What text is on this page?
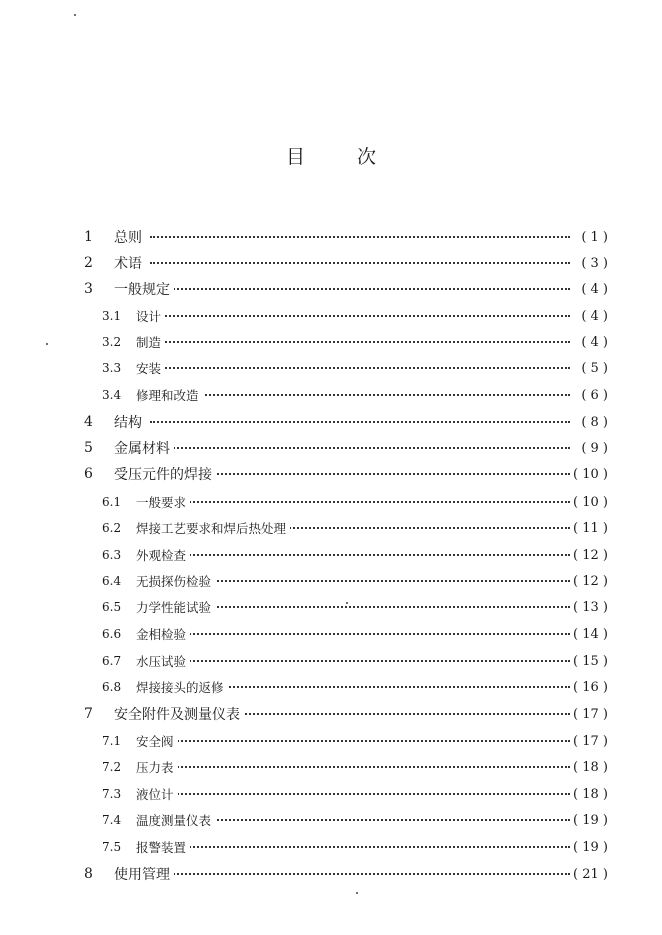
目	次
1 总则	( 1 )
2 术语	( 3 )
3 一般规定	( 4 )
3.1 设计	( 4 )
3.2 制造	( 4 )
3.3 安装	( 5 )
3.4 修理和改造	( 6 )
4 结构	( 8 )
5 金属材料	( 9 )
6 受压元件的焊接	( 10 )
6.1 一般要求	( 10 )
6.2 焊接工艺要求和焊后热处理	( 11 )
6.3 外观检查	( 12 )
6.4 无损探伤检验	( 12 )
6.5 力学性能试验	( 13 )
6.6 金相检验	( 14 )
6.7 水压试验	( 15 )
6.8 焊接接头的返修	( 16 )
7 安全附件及测量仪表	( 17 )
7.1 安全阀	( 17 )
7.2 压力表	( 18 )
7.3 液位计	( 18 )
7.4 温度测量仪表	( 19 )
7.5 报警装置	( 19 )
8 使用管理	( 21 )
